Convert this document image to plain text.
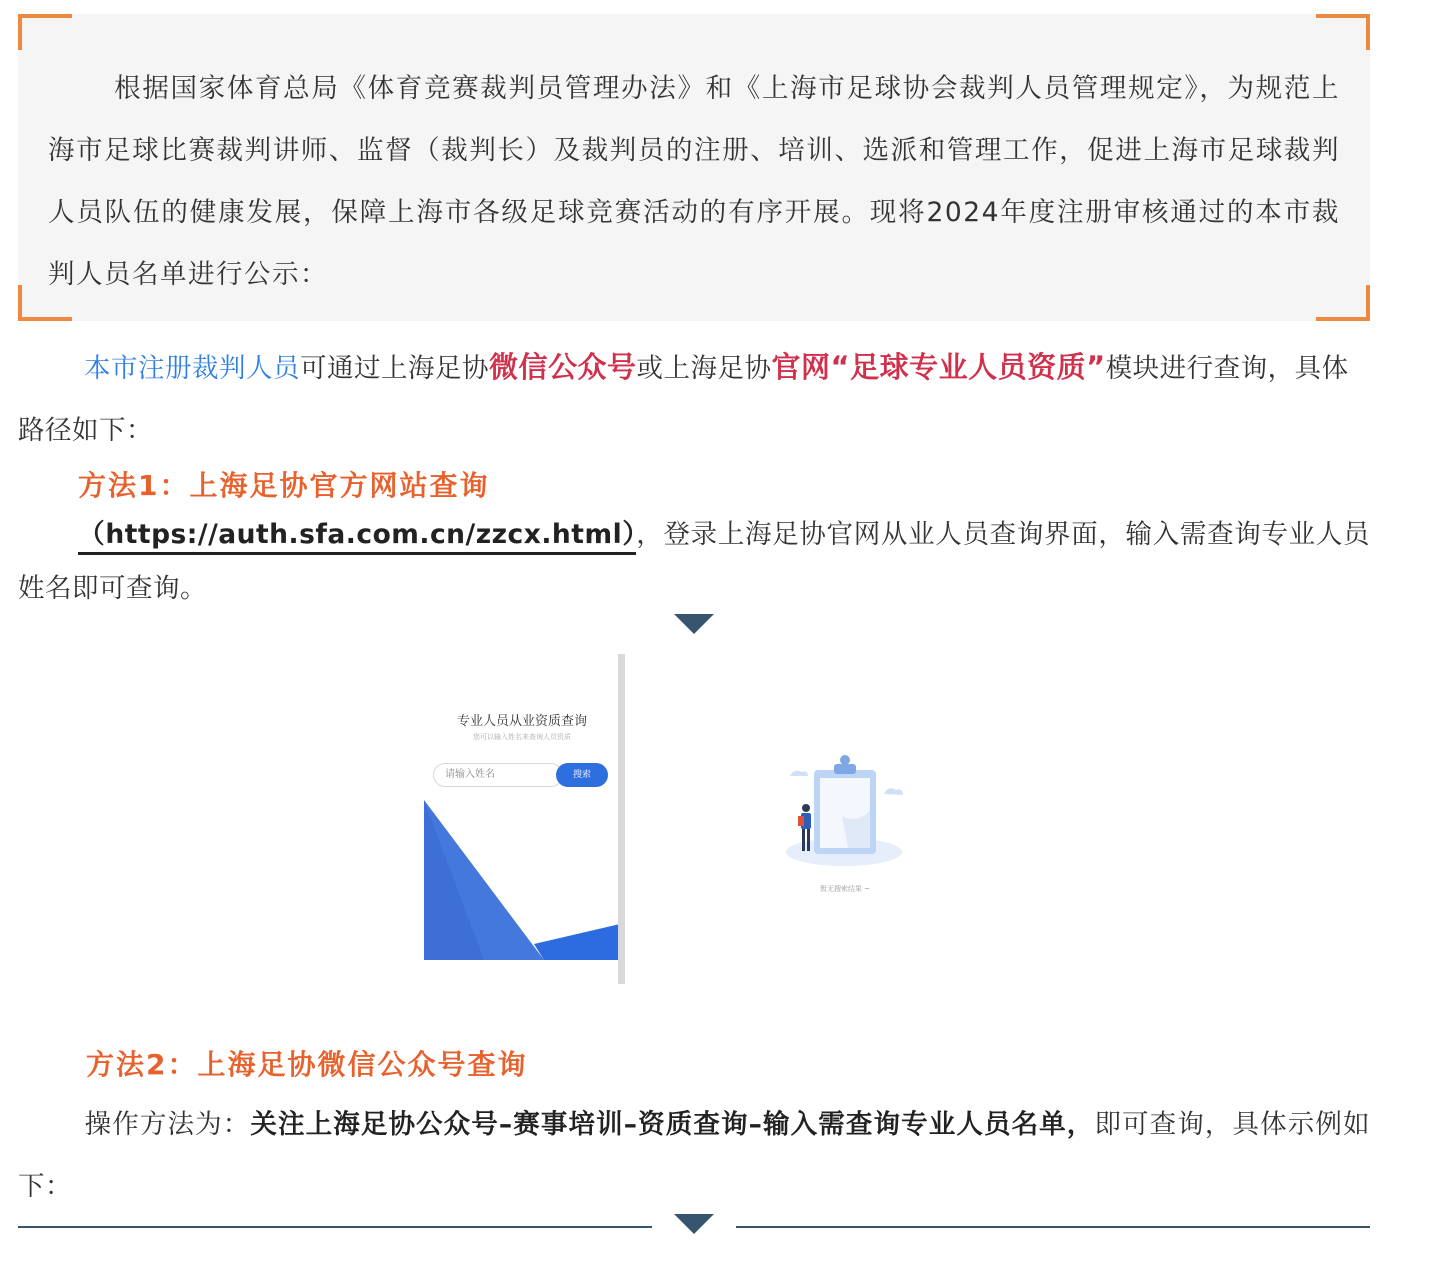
根据国家体育总局《体育竞赛裁判员管理办法》和《上海市足球协会裁判人员管理规定》，为规范上海市足球比赛裁判讲师、监督（裁判长）及裁判员的注册、培训、选派和管理工作，促进上海市足球裁判人员队伍的健康发展，保障上海市各级足球竞赛活动的有序开展。现将2024年度注册审核通过的本市裁判人员名单进行公示：

本市注册裁判人员可通过上海足协微信公众号或上海足协官网“足球专业人员资质”模块进行查询，具体路径如下：

方法1：上海足协官方网站查询

（https://auth.sfa.com.cn/zzcx.html），登录上海足协官网从业人员查询界面，输入需查询专业人员姓名即可查询。

专业人员从业资质查询
您可以输入姓名来查询人员资质
请输入姓名	搜索
暂无搜索结果 ~

方法2：上海足协微信公众号查询

操作方法为：关注上海足协公众号–赛事培训–资质查询–输入需查询专业人员名单，即可查询，具体示例如下：
